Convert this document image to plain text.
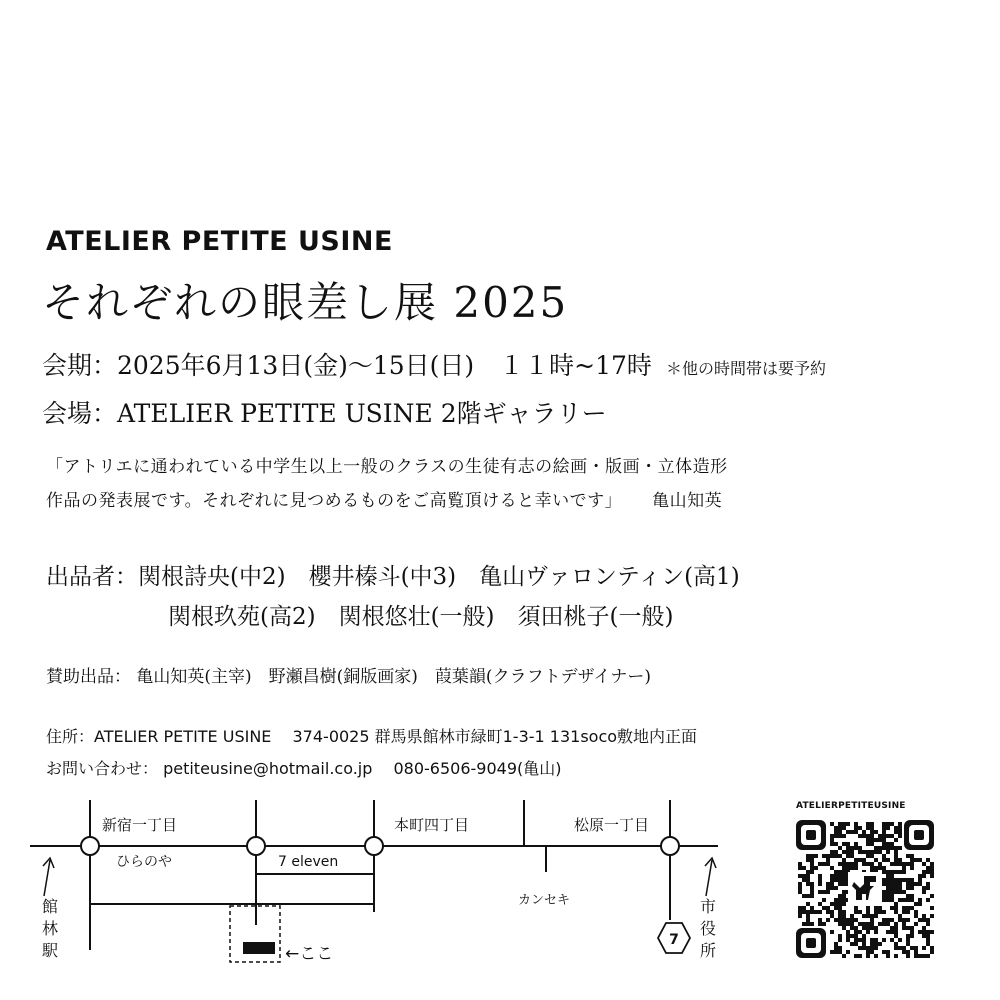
ATELIER PETITE USINE
それぞれの眼差し展 2025
会期：2025年6月13日(金)〜15日(日)　１１時~17時 ＊他の時間帯は要予約
会場：ATELIER PETITE USINE 2階ギャラリー
「アトリエに通われている中学生以上一般のクラスの生徒有志の絵画・版画・立体造形
作品の発表展です。それぞれに見つめるものをご高覧頂けると幸いです」 亀山知英
出品者：関根詩央(中2)　櫻井榛斗(中3)　亀山ヴァロンティン(高1)
関根玖苑(高2)　関根悠壮(一般)　須田桃子(一般)
賛助出品： 亀山知英(主宰)　野瀬昌樹(銅版画家)　葭葉韻(クラフトデザイナー)
住所：ATELIER PETITE USINE　 374-0025 群馬県館林市緑町1-3-1 131soco敷地内正面
お問い合わせ： petiteusine@hotmail.co.jp　 080-6506-9049(亀山)
新宿一丁目
ひらのや	7 eleven
本町四丁目	松原一丁目
カンセキ
←ここ
7
館
林
駅
市
役
所
ATELIERPETITEUSINE
